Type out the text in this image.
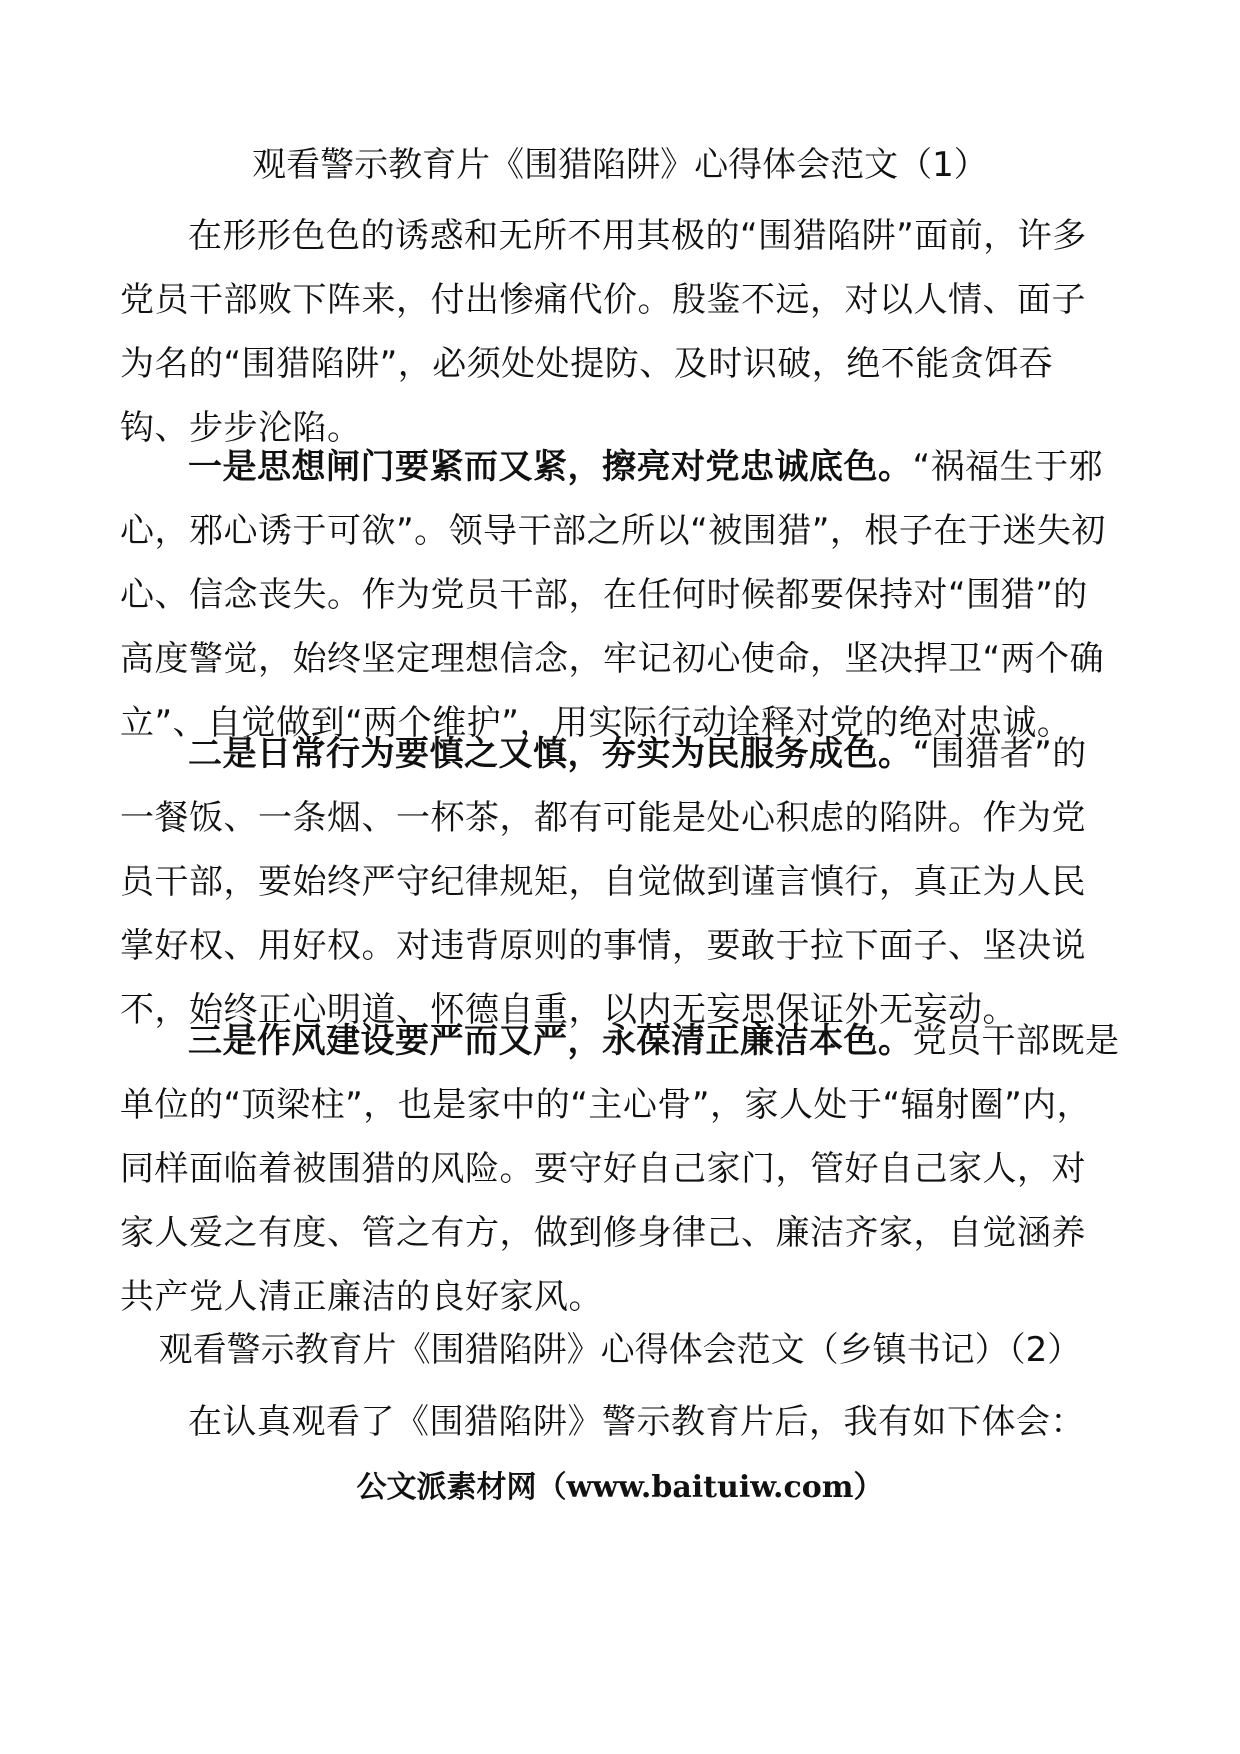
观看警示教育片《围猎陷阱》心得体会范文（1）

在形形色色的诱惑和无所不用其极的“围猎陷阱”面前，许多党员干部败下阵来，付出惨痛代价。殷鉴不远，对以人情、面子为名的“围猎陷阱”，必须处处提防、及时识破，绝不能贪饵吞钩、步步沦陷。

一是思想闸门要紧而又紧，擦亮对党忠诚底色。“祸福生于邪心，邪心诱于可欲”。领导干部之所以“被围猎”，根子在于迷失初心、信念丧失。作为党员干部，在任何时候都要保持对“围猎”的高度警觉，始终坚定理想信念，牢记初心使命，坚决捍卫“两个确立”、自觉做到“两个维护”，用实际行动诠释对党的绝对忠诚。

二是日常行为要慎之又慎，夯实为民服务成色。“围猎者”的一餐饭、一条烟、一杯茶，都有可能是处心积虑的陷阱。作为党员干部，要始终严守纪律规矩，自觉做到谨言慎行，真正为人民掌好权、用好权。对违背原则的事情，要敢于拉下面子、坚决说不，始终正心明道、怀德自重，以内无妄思保证外无妄动。

三是作风建设要严而又严，永葆清正廉洁本色。党员干部既是单位的“顶梁柱”，也是家中的“主心骨”，家人处于“辐射圈”内，同样面临着被围猎的风险。要守好自己家门，管好自己家人，对家人爱之有度、管之有方，做到修身律己、廉洁齐家，自觉涵养共产党人清正廉洁的良好家风。

观看警示教育片《围猎陷阱》心得体会范文（乡镇书记）（2）

在认真观看了《围猎陷阱》警示教育片后，我有如下体会：

公文派素材网（www.baituiw.com）
